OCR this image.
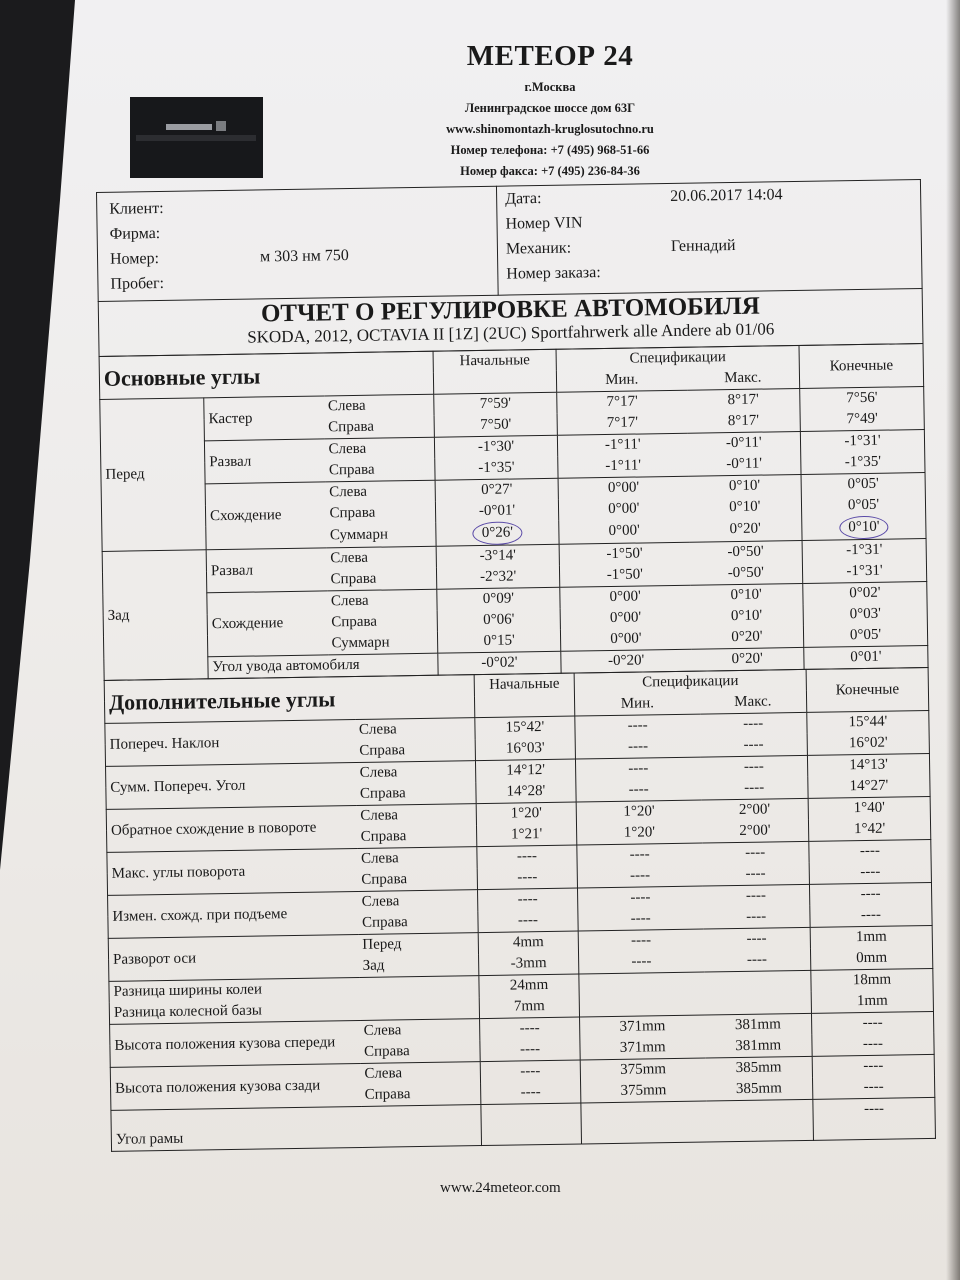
МЕТЕОР 24
г.Москва
Ленинградское шоссе дом 63Г
www.shinomontazh-kruglosutochno.ru
Номер телефона: +7 (495) 968-51-66
Номер факса: +7 (495) 236-84-36
Клиент:	
Фирма:	
Номер:	м 303 нм 750
Пробег:	

Дата:	20.06.2017 14:04
Номер VIN	
Механик:	Геннадий
Номер заказа:	

ОТЧЕТ О РЕГУЛИРОВКЕ АВТОМОБИЛЯ
SKODA, 2012, OCTAVIA II [1Z] (2UC) Sportfahrwerk alle Andere ab 01/06
Основные углы			Начальные	Спецификации		Конечные
				Мин.	Макс.	
Перед	Кастер	Слева	7°59'	7°17'	8°17'	7°56'
		Справа	7°50'	7°17'	8°17'	7°49'
	Развал	Слева	-1°30'	-1°11'	-0°11'	-1°31'
		Справа	-1°35'	-1°11'	-0°11'	-1°35'
	Схождение	Слева	0°27'	0°00'	0°10'	0°05'
		Справа	-0°01'	0°00'	0°10'	0°05'
		Суммарн	0°26'	0°00'	0°20'	0°10'
Зад	Развал	Слева	-3°14'	-1°50'	-0°50'	-1°31'
		Справа	-2°32'	-1°50'	-0°50'	-1°31'
	Схождение	Слева	0°09'	0°00'	0°10'	0°02'
		Справа	0°06'	0°00'	0°10'	0°03'
		Суммарн	0°15'	0°00'	0°20'	0°05'
	Угол увода автомобиля		-0°02'	-0°20'	0°20'	0°01'
Дополнительные углы		Начальные	Спецификации		Конечные
			Мин.	Макс.	
Попереч. Наклон	Слева	15°42'	----	----	15°44'
	Справа	16°03'	----	----	16°02'
Сумм. Попереч. Угол	Слева	14°12'	----	----	14°13'
	Справа	14°28'	----	----	14°27'
Обратное схождение в повороте	Слева	1°20'	1°20'	2°00'	1°40'
	Справа	1°21'	1°20'	2°00'	1°42'
Макс. углы поворота	Слева	----	----	----	----
	Справа	----	----	----	----
Измен. схожд. при подъеме	Слева	----	----	----	----
	Справа	----	----	----	----
Разворот оси	Перед	4mm	----	----	1mm
	Зад	-3mm	----	----	0mm
Разница ширины колеи		24mm			18mm
Разница колесной базы		7mm			1mm
Высота положения кузова спереди	Слева	----	371mm	381mm	----
	Справа	----	371mm	381mm	----
Высота положения кузова сзади	Слева	----	375mm	385mm	----
	Справа	----	375mm	385mm	----
Угол рамы					----
www.24meteor.com
